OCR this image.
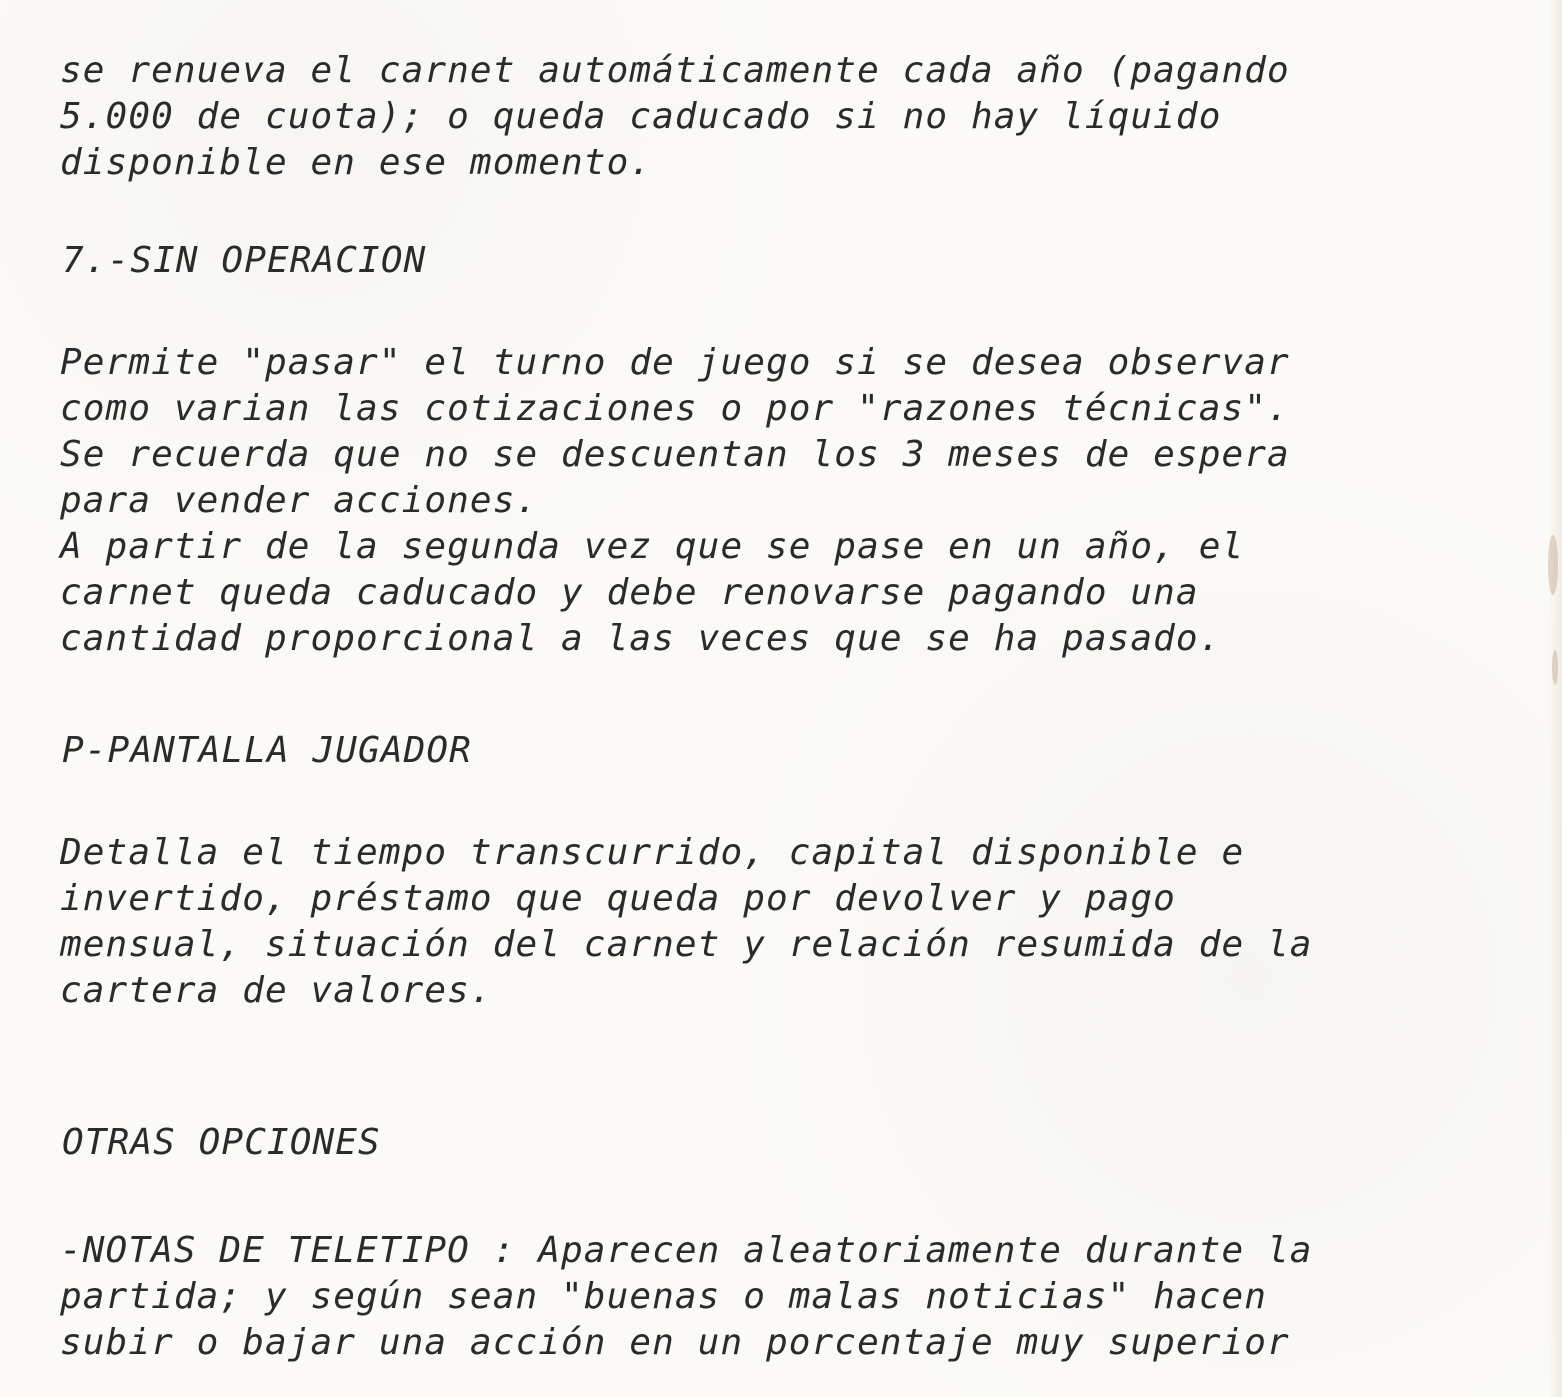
se renueva el carnet automáticamente cada año (pagando
5.000 de cuota); o queda caducado si no hay líquido
disponible en ese momento.
7.-SIN OPERACION
Permite "pasar" el turno de juego si se desea observar
como varian las cotizaciones o por "razones técnicas".
Se recuerda que no se descuentan los 3 meses de espera
para vender acciones.
A partir de la segunda vez que se pase en un año, el
carnet queda caducado y debe renovarse pagando una
cantidad proporcional a las veces que se ha pasado.
P-PANTALLA JUGADOR
Detalla el tiempo transcurrido, capital disponible e
invertido, préstamo que queda por devolver y pago
mensual, situación del carnet y relación resumida de la
cartera de valores.
OTRAS OPCIONES
-NOTAS DE TELETIPO : Aparecen aleatoriamente durante la
partida; y según sean "buenas o malas noticias" hacen
subir o bajar una acción en un porcentaje muy superior
